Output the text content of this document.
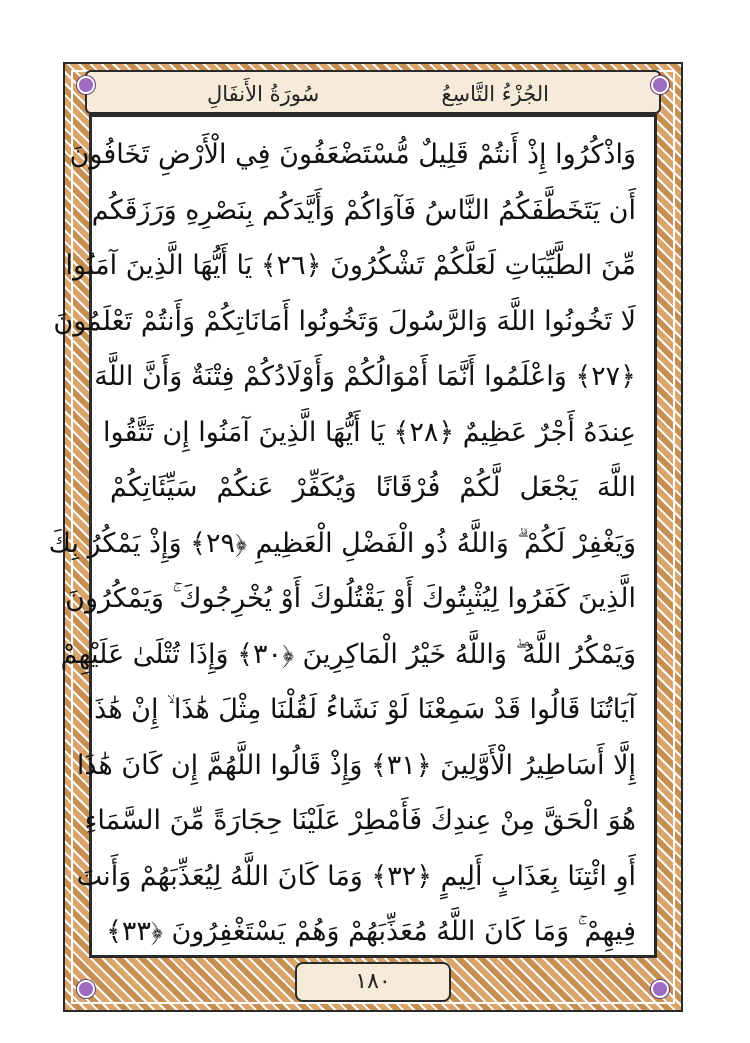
سُورَةُ الأَنفَالِ	الجُزْءُ التَّاسِعُ
وَاذْكُرُوا إِذْ أَنتُمْ قَلِيلٌ مُّسْتَضْعَفُونَ فِي الْأَرْضِ تَخَافُونَ
أَن يَتَخَطَّفَكُمُ النَّاسُ فَآوَاكُمْ وَأَيَّدَكُم بِنَصْرِهِ وَرَزَقَكُم
مِّنَ الطَّيِّبَاتِ لَعَلَّكُمْ تَشْكُرُونَ ﴿٢٦﴾ يَا أَيُّهَا الَّذِينَ آمَنُوا
لَا تَخُونُوا اللَّهَ وَالرَّسُولَ وَتَخُونُوا أَمَانَاتِكُمْ وَأَنتُمْ تَعْلَمُونَ
﴿٢٧﴾ وَاعْلَمُوا أَنَّمَا أَمْوَالُكُمْ وَأَوْلَادُكُمْ فِتْنَةٌ وَأَنَّ اللَّهَ
عِندَهُ أَجْرٌ عَظِيمٌ ﴿٢٨﴾ يَا أَيُّهَا الَّذِينَ آمَنُوا إِن تَتَّقُوا
اللَّهَ يَجْعَل لَّكُمْ فُرْقَانًا وَيُكَفِّرْ عَنكُمْ سَيِّئَاتِكُمْ
وَيَغْفِرْ لَكُمْ ۗ وَاللَّهُ ذُو الْفَضْلِ الْعَظِيمِ ﴿٢٩﴾ وَإِذْ يَمْكُرُ بِكَ
الَّذِينَ كَفَرُوا لِيُثْبِتُوكَ أَوْ يَقْتُلُوكَ أَوْ يُخْرِجُوكَ ۚ وَيَمْكُرُونَ
وَيَمْكُرُ اللَّهُ ۖ وَاللَّهُ خَيْرُ الْمَاكِرِينَ ﴿٣٠﴾ وَإِذَا تُتْلَىٰ عَلَيْهِمْ
آيَاتُنَا قَالُوا قَدْ سَمِعْنَا لَوْ نَشَاءُ لَقُلْنَا مِثْلَ هَٰذَا ۙ إِنْ هَٰذَا
إِلَّا أَسَاطِيرُ الْأَوَّلِينَ ﴿٣١﴾ وَإِذْ قَالُوا اللَّهُمَّ إِن كَانَ هَٰذَا
هُوَ الْحَقَّ مِنْ عِندِكَ فَأَمْطِرْ عَلَيْنَا حِجَارَةً مِّنَ السَّمَاءِ
أَوِ ائْتِنَا بِعَذَابٍ أَلِيمٍ ﴿٣٢﴾ وَمَا كَانَ اللَّهُ لِيُعَذِّبَهُمْ وَأَنتَ
فِيهِمْ ۚ وَمَا كَانَ اللَّهُ مُعَذِّبَهُمْ وَهُمْ يَسْتَغْفِرُونَ ﴿٣٣﴾
١٨٠
